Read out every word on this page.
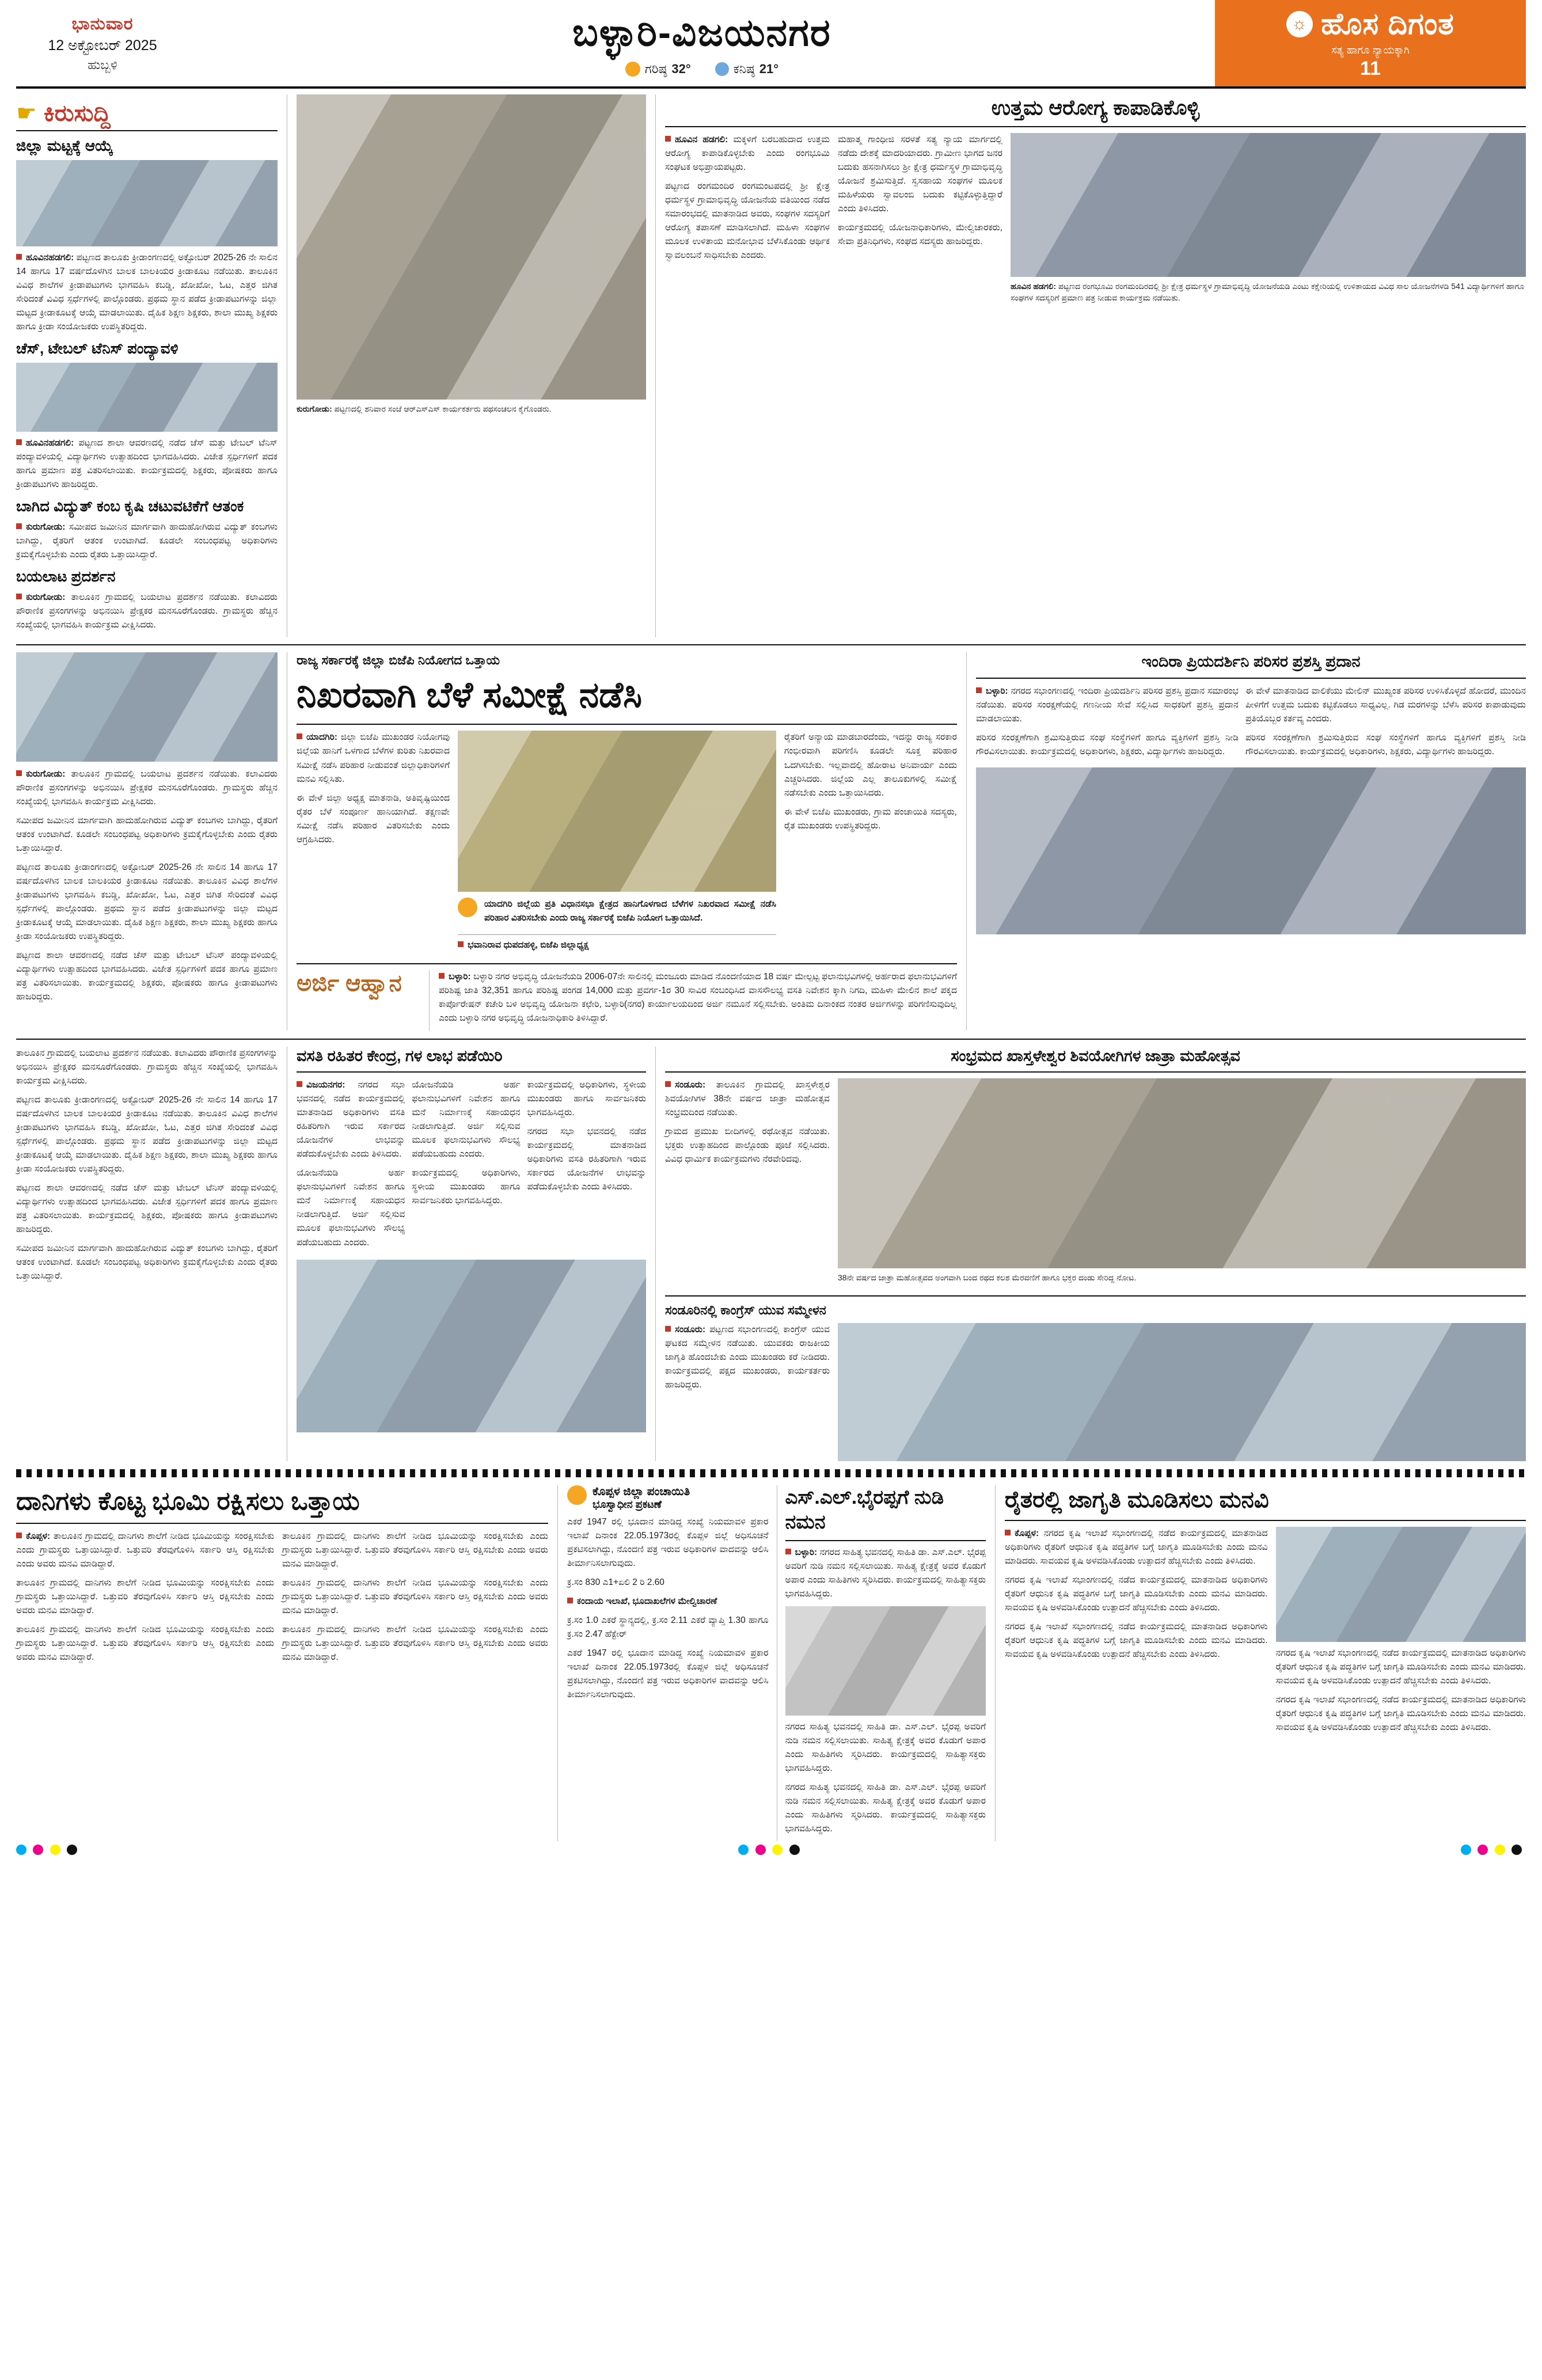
ಭಾನುವಾರ
12 ಅಕ್ಟೋಬರ್ 2025
ಹುಬ್ಬಳಿ
ಬಳ್ಳಾರಿ-ವಿಜಯನಗರ
ಗರಿಷ್ಠ 32°	ಕನಿಷ್ಠ 21°
☼ ಹೊಸ ದಿಗಂತ
ಸತ್ಯ ಹಾಗೂ ನ್ಯಾಯಕ್ಕಾಗಿ
11
☛ ಕಿರುಸುದ್ದಿ
ಜಿಲ್ಲಾ ಮಟ್ಟಕ್ಕೆ ಆಯ್ಕೆ

ಹೂವಿನಹಡಗಲಿ: ಪಟ್ಟಣದ ತಾಲೂಕು ಕ್ರೀಡಾಂಗಣದಲ್ಲಿ ಅಕ್ಟೋಬರ್ 2025-26 ನೇ ಸಾಲಿನ 14 ಹಾಗೂ 17 ವರ್ಷದೊಳಗಿನ ಬಾಲಕ ಬಾಲಕಿಯರ ಕ್ರೀಡಾಕೂಟ ನಡೆಯಿತು. ತಾಲೂಕಿನ ವಿವಿಧ ಶಾಲೆಗಳ ಕ್ರೀಡಾಪಟುಗಳು ಭಾಗವಹಿಸಿ ಕಬಡ್ಡಿ, ಖೋಖೋ, ಓಟ, ಎತ್ತರ ಜಿಗಿತ ಸೇರಿದಂತೆ ವಿವಿಧ ಸ್ಪರ್ಧೆಗಳಲ್ಲಿ ಪಾಲ್ಗೊಂಡರು. ಪ್ರಥಮ ಸ್ಥಾನ ಪಡೆದ ಕ್ರೀಡಾಪಟುಗಳನ್ನು ಜಿಲ್ಲಾ ಮಟ್ಟದ ಕ್ರೀಡಾಕೂಟಕ್ಕೆ ಆಯ್ಕೆ ಮಾಡಲಾಯಿತು. ದೈಹಿಕ ಶಿಕ್ಷಣ ಶಿಕ್ಷಕರು, ಶಾಲಾ ಮುಖ್ಯ ಶಿಕ್ಷಕರು ಹಾಗೂ ಕ್ರೀಡಾ ಸಂಯೋಜಕರು ಉಪಸ್ಥಿತರಿದ್ದರು.

ಚೆಸ್, ಟೇಬಲ್ ಟೆನಿಸ್ ಪಂದ್ಯಾವಳಿ

ಹೂವಿನಹಡಗಲಿ: ಪಟ್ಟಣದ ಶಾಲಾ ಆವರಣದಲ್ಲಿ ನಡೆದ ಚೆಸ್ ಮತ್ತು ಟೇಬಲ್ ಟೆನಿಸ್ ಪಂದ್ಯಾವಳಿಯಲ್ಲಿ ವಿದ್ಯಾರ್ಥಿಗಳು ಉತ್ಸಾಹದಿಂದ ಭಾಗವಹಿಸಿದರು. ವಿಜೇತ ಸ್ಪರ್ಧಿಗಳಿಗೆ ಪದಕ ಹಾಗೂ ಪ್ರಮಾಣ ಪತ್ರ ವಿತರಿಸಲಾಯಿತು. ಕಾರ್ಯಕ್ರಮದಲ್ಲಿ ಶಿಕ್ಷಕರು, ಪೋಷಕರು ಹಾಗೂ ಕ್ರೀಡಾಪಟುಗಳು ಹಾಜರಿದ್ದರು.

ಬಾಗಿದ ವಿದ್ಯುತ್ ಕಂಬ ಕೃಷಿ ಚಟುವಟಿಕೆಗೆ ಆತಂಕ

ಕುರುಗೋಡು: ಸಮೀಪದ ಜಮೀನಿನ ಮಾರ್ಗವಾಗಿ ಹಾದುಹೋಗಿರುವ ವಿದ್ಯುತ್ ಕಂಬಗಳು ಬಾಗಿದ್ದು, ರೈತರಿಗೆ ಆತಂಕ ಉಂಟಾಗಿದೆ. ಕೂಡಲೇ ಸಂಬಂಧಪಟ್ಟ ಅಧಿಕಾರಿಗಳು ಕ್ರಮಕೈಗೊಳ್ಳಬೇಕು ಎಂದು ರೈತರು ಒತ್ತಾಯಿಸಿದ್ದಾರೆ.

ಬಯಲಾಟ ಪ್ರದರ್ಶನ

ಕುರುಗೋಡು: ತಾಲೂಕಿನ ಗ್ರಾಮದಲ್ಲಿ ಬಯಲಾಟ ಪ್ರದರ್ಶನ ನಡೆಯಿತು. ಕಲಾವಿದರು ಪೌರಾಣಿಕ ಪ್ರಸಂಗಗಳನ್ನು ಅಭಿನಯಿಸಿ ಪ್ರೇಕ್ಷಕರ ಮನಸೂರೆಗೊಂಡರು. ಗ್ರಾಮಸ್ಥರು ಹೆಚ್ಚಿನ ಸಂಖ್ಯೆಯಲ್ಲಿ ಭಾಗವಹಿಸಿ ಕಾರ್ಯಕ್ರಮ ವೀಕ್ಷಿಸಿದರು.

ಕುರುಗೋಡು: ಪಟ್ಟಣದಲ್ಲಿ ಶನಿವಾರ ಸಂಜೆ ಆರ್‌ಎಸ್‌ಎಸ್ ಕಾರ್ಯಕರ್ತರು ಪಥಸಂಚಲನ ಕೈಗೊಂಡರು.

ಉತ್ತಮ ಆರೋಗ್ಯ ಕಾಪಾಡಿಕೊಳ್ಳಿ

ಹೂವಿನ ಹಡಗಲಿ: ಮಕ್ಕಳಿಗೆ ಬರಬಹುದಾದ ಉತ್ತಮ ಆರೋಗ್ಯ ಕಾಪಾಡಿಕೊಳ್ಳಬೇಕು ಎಂದು ರಂಗಭೂಮಿ ಸಂಘಟಕ ಅಭಿಪ್ರಾಯಪಟ್ಟರು.

ಪಟ್ಟಣದ ರಂಗಮಂದಿರ ರಂಗಮಂಟಪದಲ್ಲಿ ಶ್ರೀ ಕ್ಷೇತ್ರ ಧರ್ಮಸ್ಥಳ ಗ್ರಾಮಾಭಿವೃದ್ಧಿ ಯೋಜನೆಯ ವತಿಯಿಂದ ನಡೆದ ಸಮಾರಂಭದಲ್ಲಿ ಮಾತನಾಡಿದ ಅವರು, ಸಂಘಗಳ ಸದಸ್ಯರಿಗೆ ಆರೋಗ್ಯ ತಪಾಸಣೆ ಮಾಡಿಸಲಾಗಿದೆ. ಮಹಿಳಾ ಸಂಘಗಳ ಮೂಲಕ ಉಳಿತಾಯ ಮನೋಭಾವ ಬೆಳೆಸಿಕೊಂಡು ಆರ್ಥಿಕ ಸ್ವಾವಲಂಬನೆ ಸಾಧಿಸಬೇಕು ಎಂದರು.

ಮಹಾತ್ಮ ಗಾಂಧೀಜಿ ಸರಳತೆ ಸತ್ಯ ನ್ಯಾಯ ಮಾರ್ಗದಲ್ಲಿ ನಡೆದು ದೇಶಕ್ಕೆ ಮಾದರಿಯಾದರು. ಗ್ರಾಮೀಣ ಭಾಗದ ಜನರ ಬದುಕು ಹಸನಾಗಿಸಲು ಶ್ರೀ ಕ್ಷೇತ್ರ ಧರ್ಮಸ್ಥಳ ಗ್ರಾಮಾಭಿವೃದ್ಧಿ ಯೋಜನೆ ಶ್ರಮಿಸುತ್ತಿದೆ. ಸ್ವಸಹಾಯ ಸಂಘಗಳ ಮೂಲಕ ಮಹಿಳೆಯರು ಸ್ವಾವಲಂಬಿ ಬದುಕು ಕಟ್ಟಿಕೊಳ್ಳುತ್ತಿದ್ದಾರೆ ಎಂದು ತಿಳಿಸಿದರು.

ಕಾರ್ಯಕ್ರಮದಲ್ಲಿ ಯೋಜನಾಧಿಕಾರಿಗಳು, ಮೇಲ್ವಿಚಾರಕರು, ಸೇವಾ ಪ್ರತಿನಿಧಿಗಳು, ಸಂಘದ ಸದಸ್ಯರು ಹಾಜರಿದ್ದರು.

ಹೂವಿನ ಹಡಗಲಿ: ಪಟ್ಟಣದ ರಂಗಭೂಮಿ ರಂಗಮಂದಿರದಲ್ಲಿ ಶ್ರೀ ಕ್ಷೇತ್ರ ಧರ್ಮಸ್ಥಳ ಗ್ರಾಮಾಭಿವೃದ್ಧಿ ಯೋಜನೆಯಡಿ ಎಂಟು ಕಕ್ಷೇರಿಯಲ್ಲಿ ಉಳಿತಾಯದ ವಿವಿಧ ಸಾಲ ಯೋಜನೆಗಳಡಿ 541 ವಿದ್ಯಾರ್ಥಿಗಳಿಗೆ ಹಾಗೂ ಸಂಘಗಳ ಸದಸ್ಯರಿಗೆ ಪ್ರಮಾಣ ಪತ್ರ ನೀಡುವ ಕಾರ್ಯಕ್ರಮ ನಡೆಯಿತು.

ಕುರುಗೋಡು: ತಾಲೂಕಿನ ಗ್ರಾಮದಲ್ಲಿ ಬಯಲಾಟ ಪ್ರದರ್ಶನ ನಡೆಯಿತು. ಕಲಾವಿದರು ಪೌರಾಣಿಕ ಪ್ರಸಂಗಗಳನ್ನು ಅಭಿನಯಿಸಿ ಪ್ರೇಕ್ಷಕರ ಮನಸೂರೆಗೊಂಡರು. ಗ್ರಾಮಸ್ಥರು ಹೆಚ್ಚಿನ ಸಂಖ್ಯೆಯಲ್ಲಿ ಭಾಗವಹಿಸಿ ಕಾರ್ಯಕ್ರಮ ವೀಕ್ಷಿಸಿದರು.

ಸಮೀಪದ ಜಮೀನಿನ ಮಾರ್ಗವಾಗಿ ಹಾದುಹೋಗಿರುವ ವಿದ್ಯುತ್ ಕಂಬಗಳು ಬಾಗಿದ್ದು, ರೈತರಿಗೆ ಆತಂಕ ಉಂಟಾಗಿದೆ. ಕೂಡಲೇ ಸಂಬಂಧಪಟ್ಟ ಅಧಿಕಾರಿಗಳು ಕ್ರಮಕೈಗೊಳ್ಳಬೇಕು ಎಂದು ರೈತರು ಒತ್ತಾಯಿಸಿದ್ದಾರೆ.

ಪಟ್ಟಣದ ತಾಲೂಕು ಕ್ರೀಡಾಂಗಣದಲ್ಲಿ ಅಕ್ಟೋಬರ್ 2025-26 ನೇ ಸಾಲಿನ 14 ಹಾಗೂ 17 ವರ್ಷದೊಳಗಿನ ಬಾಲಕ ಬಾಲಕಿಯರ ಕ್ರೀಡಾಕೂಟ ನಡೆಯಿತು. ತಾಲೂಕಿನ ವಿವಿಧ ಶಾಲೆಗಳ ಕ್ರೀಡಾಪಟುಗಳು ಭಾಗವಹಿಸಿ ಕಬಡ್ಡಿ, ಖೋಖೋ, ಓಟ, ಎತ್ತರ ಜಿಗಿತ ಸೇರಿದಂತೆ ವಿವಿಧ ಸ್ಪರ್ಧೆಗಳಲ್ಲಿ ಪಾಲ್ಗೊಂಡರು. ಪ್ರಥಮ ಸ್ಥಾನ ಪಡೆದ ಕ್ರೀಡಾಪಟುಗಳನ್ನು ಜಿಲ್ಲಾ ಮಟ್ಟದ ಕ್ರೀಡಾಕೂಟಕ್ಕೆ ಆಯ್ಕೆ ಮಾಡಲಾಯಿತು. ದೈಹಿಕ ಶಿಕ್ಷಣ ಶಿಕ್ಷಕರು, ಶಾಲಾ ಮುಖ್ಯ ಶಿಕ್ಷಕರು ಹಾಗೂ ಕ್ರೀಡಾ ಸಂಯೋಜಕರು ಉಪಸ್ಥಿತರಿದ್ದರು.

ಪಟ್ಟಣದ ಶಾಲಾ ಆವರಣದಲ್ಲಿ ನಡೆದ ಚೆಸ್ ಮತ್ತು ಟೇಬಲ್ ಟೆನಿಸ್ ಪಂದ್ಯಾವಳಿಯಲ್ಲಿ ವಿದ್ಯಾರ್ಥಿಗಳು ಉತ್ಸಾಹದಿಂದ ಭಾಗವಹಿಸಿದರು. ವಿಜೇತ ಸ್ಪರ್ಧಿಗಳಿಗೆ ಪದಕ ಹಾಗೂ ಪ್ರಮಾಣ ಪತ್ರ ವಿತರಿಸಲಾಯಿತು. ಕಾರ್ಯಕ್ರಮದಲ್ಲಿ ಶಿಕ್ಷಕರು, ಪೋಷಕರು ಹಾಗೂ ಕ್ರೀಡಾಪಟುಗಳು ಹಾಜರಿದ್ದರು.

ರಾಜ್ಯ ಸರ್ಕಾರಕ್ಕೆ ಜಿಲ್ಲಾ ಬಿಜೆಪಿ ನಿಯೋಗದ ಒತ್ತಾಯ
ನಿಖರವಾಗಿ ಬೆಳೆ ಸಮೀಕ್ಷೆ ನಡೆಸಿ

ಯಾದಗಿರಿ: ಜಿಲ್ಲಾ ಬಿಜೆಪಿ ಮುಖಂಡರ ನಿಯೋಗವು ಜಿಲ್ಲೆಯ ಹಾನಿಗೆ ಒಳಗಾದ ಬೆಳೆಗಳ ಕುರಿತು ನಿಖರವಾದ ಸಮೀಕ್ಷೆ ನಡೆಸಿ ಪರಿಹಾರ ನೀಡುವಂತೆ ಜಿಲ್ಲಾಧಿಕಾರಿಗಳಿಗೆ ಮನವಿ ಸಲ್ಲಿಸಿತು.

ಈ ವೇಳೆ ಜಿಲ್ಲಾ ಅಧ್ಯಕ್ಷ ಮಾತನಾಡಿ, ಅತಿವೃಷ್ಟಿಯಿಂದ ರೈತರ ಬೆಳೆ ಸಂಪೂರ್ಣ ಹಾನಿಯಾಗಿದೆ. ತಕ್ಷಣವೇ ಸಮೀಕ್ಷೆ ನಡೆಸಿ ಪರಿಹಾರ ವಿತರಿಸಬೇಕು ಎಂದು ಆಗ್ರಹಿಸಿದರು.

ಯಾದಗಿರಿ ಜಿಲ್ಲೆಯ ಪ್ರತಿ ವಿಧಾನಸಭಾ ಕ್ಷೇತ್ರದ ಹಾನಿಗೊಳಗಾದ ಬೆಳೆಗಳ ನಿಖರವಾದ ಸಮೀಕ್ಷೆ ನಡೆಸಿ ಪರಿಹಾರ ವಿತರಿಸಬೇಕು ಎಂದು ರಾಜ್ಯ ಸರ್ಕಾರಕ್ಕೆ ಬಿಜೆಪಿ ನಿಯೋಗ ಒತ್ತಾಯಿಸಿದೆ.

ಭವಾನಿರಾವ ಧುಪದಹಳ್ಳಿ, ಬಿಜೆಪಿ ಜಿಲ್ಲಾಧ್ಯಕ್ಷ

ರೈತರಿಗೆ ಅನ್ಯಾಯ ಮಾಡಬಾರದೆಂದು, ಇದನ್ನು ರಾಜ್ಯ ಸರಕಾರ ಗಂಭೀರವಾಗಿ ಪರಿಗಣಿಸಿ ಕೂಡಲೇ ಸೂಕ್ತ ಪರಿಹಾರ ಒದಗಿಸಬೇಕು. ಇಲ್ಲವಾದಲ್ಲಿ ಹೋರಾಟ ಅನಿವಾರ್ಯ ಎಂದು ಎಚ್ಚರಿಸಿದರು. ಜಿಲ್ಲೆಯ ಎಲ್ಲ ತಾಲೂಕುಗಳಲ್ಲಿ ಸಮೀಕ್ಷೆ ನಡೆಸಬೇಕು ಎಂದು ಒತ್ತಾಯಿಸಿದರು.

ಈ ವೇಳೆ ಬಿಜೆಪಿ ಮುಖಂಡರು, ಗ್ರಾಮ ಪಂಚಾಯಿತಿ ಸದಸ್ಯರು, ರೈತ ಮುಖಂಡರು ಉಪಸ್ಥಿತರಿದ್ದರು.

ಅರ್ಜಿ ಆಹ್ವಾನ	ಬಳ್ಳಾರಿ: ಬಳ್ಳಾರಿ ನಗರ ಅಭಿವೃದ್ಧಿ ಯೋಜನೆಯಡಿ 2006-07ನೇ ಸಾಲಿನಲ್ಲಿ ಮಂಜೂರು ಮಾಡಿದ ನೊಂದಣಿಯಾದ 18 ವರ್ಷ ಮೇಲ್ಪಟ್ಟ ಫಲಾನುಭವಿಗಳಲ್ಲಿ ಅರ್ಹರಾದ ಫಲಾನುಭವಿಗಳಿಗೆ ಪರಿಶಿಷ್ಟ ಜಾತಿ 32,351 ಹಾಗೂ ಪರಿಶಿಷ್ಟ ಪಂಗಡ 14,000 ಮತ್ತು ಪ್ರವರ್ಗ-1ರ 30 ಸಾವಿರ ಸಂಬಂಧಿಸಿದ ವಾಸಸೌಲಭ್ಯ ವಸತಿ ನಿವೇಶನ ಕ್ಕಾಗಿ ನಿಗದಿ, ಮಹಿಳಾ ಮೇಲಿನ ಶಾಲೆ ಪಕ್ಕದ ಕಾರ್ಪೊರೇಷನ್ ಕಚೇರಿ ಬಳಿ ಅಭಿವೃದ್ಧಿ ಯೋಜನಾ ಕಛೇರಿ, ಬಳ್ಳಾರಿ(ನಗರ) ಕಾರ್ಯಾಲಯದಿಂದ ಅರ್ಜಿ ನಮೂನೆ ಸಲ್ಲಿಸಬೇಕು. ಅಂತಿಮ ದಿನಾಂಕದ ನಂತರ ಅರ್ಜಿಗಳನ್ನು ಪರಿಗಣಿಸುವುದಿಲ್ಲ ಎಂದು ಬಳ್ಳಾರಿ ನಗರ ಅಭಿವೃದ್ಧಿ ಯೋಜನಾಧಿಕಾರಿ ತಿಳಿಸಿದ್ದಾರೆ.

ಇಂದಿರಾ ಪ್ರಿಯದರ್ಶಿನಿ ಪರಿಸರ ಪ್ರಶಸ್ತಿ ಪ್ರದಾನ

ಬಳ್ಳಾರಿ: ನಗರದ ಸಭಾಂಗಣದಲ್ಲಿ ಇಂದಿರಾ ಪ್ರಿಯದರ್ಶಿನಿ ಪರಿಸರ ಪ್ರಶಸ್ತಿ ಪ್ರದಾನ ಸಮಾರಂಭ ನಡೆಯಿತು. ಪರಿಸರ ಸಂರಕ್ಷಣೆಯಲ್ಲಿ ಗಣನೀಯ ಸೇವೆ ಸಲ್ಲಿಸಿದ ಸಾಧಕರಿಗೆ ಪ್ರಶಸ್ತಿ ಪ್ರದಾನ ಮಾಡಲಾಯಿತು.

ಪರಿಸರ ಸಂರಕ್ಷಣೆಗಾಗಿ ಶ್ರಮಿಸುತ್ತಿರುವ ಸಂಘ ಸಂಸ್ಥೆಗಳಿಗೆ ಹಾಗೂ ವ್ಯಕ್ತಿಗಳಿಗೆ ಪ್ರಶಸ್ತಿ ನೀಡಿ ಗೌರವಿಸಲಾಯಿತು. ಕಾರ್ಯಕ್ರಮದಲ್ಲಿ ಅಧಿಕಾರಿಗಳು, ಶಿಕ್ಷಕರು, ವಿದ್ಯಾರ್ಥಿಗಳು ಹಾಜರಿದ್ದರು.

ಈ ವೇಳೆ ಮಾತನಾಡಿದ ವಾಲಿಕೆಯು ಮೇಲಿನ್ ಮುಖ್ಯಂತ ಪರಿಸರ ಉಳಿಸಿಕೊಳ್ಳದೆ ಹೋದರೆ, ಮುಂದಿನ ಪೀಳಿಗೆಗೆ ಉತ್ತಮ ಬದುಕು ಕಟ್ಟಿಕೊಡಲು ಸಾಧ್ಯವಿಲ್ಲ. ಗಿಡ ಮರಗಳನ್ನು ಬೆಳೆಸಿ ಪರಿಸರ ಕಾಪಾಡುವುದು ಪ್ರತಿಯೊಬ್ಬರ ಕರ್ತವ್ಯ ಎಂದರು.

ಪರಿಸರ ಸಂರಕ್ಷಣೆಗಾಗಿ ಶ್ರಮಿಸುತ್ತಿರುವ ಸಂಘ ಸಂಸ್ಥೆಗಳಿಗೆ ಹಾಗೂ ವ್ಯಕ್ತಿಗಳಿಗೆ ಪ್ರಶಸ್ತಿ ನೀಡಿ ಗೌರವಿಸಲಾಯಿತು. ಕಾರ್ಯಕ್ರಮದಲ್ಲಿ ಅಧಿಕಾರಿಗಳು, ಶಿಕ್ಷಕರು, ವಿದ್ಯಾರ್ಥಿಗಳು ಹಾಜರಿದ್ದರು.

ತಾಲೂಕಿನ ಗ್ರಾಮದಲ್ಲಿ ಬಯಲಾಟ ಪ್ರದರ್ಶನ ನಡೆಯಿತು. ಕಲಾವಿದರು ಪೌರಾಣಿಕ ಪ್ರಸಂಗಗಳನ್ನು ಅಭಿನಯಿಸಿ ಪ್ರೇಕ್ಷಕರ ಮನಸೂರೆಗೊಂಡರು. ಗ್ರಾಮಸ್ಥರು ಹೆಚ್ಚಿನ ಸಂಖ್ಯೆಯಲ್ಲಿ ಭಾಗವಹಿಸಿ ಕಾರ್ಯಕ್ರಮ ವೀಕ್ಷಿಸಿದರು.

ಪಟ್ಟಣದ ತಾಲೂಕು ಕ್ರೀಡಾಂಗಣದಲ್ಲಿ ಅಕ್ಟೋಬರ್ 2025-26 ನೇ ಸಾಲಿನ 14 ಹಾಗೂ 17 ವರ್ಷದೊಳಗಿನ ಬಾಲಕ ಬಾಲಕಿಯರ ಕ್ರೀಡಾಕೂಟ ನಡೆಯಿತು. ತಾಲೂಕಿನ ವಿವಿಧ ಶಾಲೆಗಳ ಕ್ರೀಡಾಪಟುಗಳು ಭಾಗವಹಿಸಿ ಕಬಡ್ಡಿ, ಖೋಖೋ, ಓಟ, ಎತ್ತರ ಜಿಗಿತ ಸೇರಿದಂತೆ ವಿವಿಧ ಸ್ಪರ್ಧೆಗಳಲ್ಲಿ ಪಾಲ್ಗೊಂಡರು. ಪ್ರಥಮ ಸ್ಥಾನ ಪಡೆದ ಕ್ರೀಡಾಪಟುಗಳನ್ನು ಜಿಲ್ಲಾ ಮಟ್ಟದ ಕ್ರೀಡಾಕೂಟಕ್ಕೆ ಆಯ್ಕೆ ಮಾಡಲಾಯಿತು. ದೈಹಿಕ ಶಿಕ್ಷಣ ಶಿಕ್ಷಕರು, ಶಾಲಾ ಮುಖ್ಯ ಶಿಕ್ಷಕರು ಹಾಗೂ ಕ್ರೀಡಾ ಸಂಯೋಜಕರು ಉಪಸ್ಥಿತರಿದ್ದರು.

ಪಟ್ಟಣದ ಶಾಲಾ ಆವರಣದಲ್ಲಿ ನಡೆದ ಚೆಸ್ ಮತ್ತು ಟೇಬಲ್ ಟೆನಿಸ್ ಪಂದ್ಯಾವಳಿಯಲ್ಲಿ ವಿದ್ಯಾರ್ಥಿಗಳು ಉತ್ಸಾಹದಿಂದ ಭಾಗವಹಿಸಿದರು. ವಿಜೇತ ಸ್ಪರ್ಧಿಗಳಿಗೆ ಪದಕ ಹಾಗೂ ಪ್ರಮಾಣ ಪತ್ರ ವಿತರಿಸಲಾಯಿತು. ಕಾರ್ಯಕ್ರಮದಲ್ಲಿ ಶಿಕ್ಷಕರು, ಪೋಷಕರು ಹಾಗೂ ಕ್ರೀಡಾಪಟುಗಳು ಹಾಜರಿದ್ದರು.

ಸಮೀಪದ ಜಮೀನಿನ ಮಾರ್ಗವಾಗಿ ಹಾದುಹೋಗಿರುವ ವಿದ್ಯುತ್ ಕಂಬಗಳು ಬಾಗಿದ್ದು, ರೈತರಿಗೆ ಆತಂಕ ಉಂಟಾಗಿದೆ. ಕೂಡಲೇ ಸಂಬಂಧಪಟ್ಟ ಅಧಿಕಾರಿಗಳು ಕ್ರಮಕೈಗೊಳ್ಳಬೇಕು ಎಂದು ರೈತರು ಒತ್ತಾಯಿಸಿದ್ದಾರೆ.

ವಸತಿ ರಹಿತರ ಕೇಂದ್ರ, ಗಳ ಲಾಭ ಪಡೆಯಿರಿ

ವಿಜಯನಗರ: ನಗರದ ಸಭಾ ಭವನದಲ್ಲಿ ನಡೆದ ಕಾರ್ಯಕ್ರಮದಲ್ಲಿ ಮಾತನಾಡಿದ ಅಧಿಕಾರಿಗಳು ವಸತಿ ರಹಿತರಿಗಾಗಿ ಇರುವ ಸರ್ಕಾರದ ಯೋಜನೆಗಳ ಲಾಭವನ್ನು ಪಡೆದುಕೊಳ್ಳಬೇಕು ಎಂದು ತಿಳಿಸಿದರು.

ಯೋಜನೆಯಡಿ ಅರ್ಹ ಫಲಾನುಭವಿಗಳಿಗೆ ನಿವೇಶನ ಹಾಗೂ ಮನೆ ನಿರ್ಮಾಣಕ್ಕೆ ಸಹಾಯಧನ ನೀಡಲಾಗುತ್ತಿದೆ. ಅರ್ಜಿ ಸಲ್ಲಿಸುವ ಮೂಲಕ ಫಲಾನುಭವಿಗಳು ಸೌಲಭ್ಯ ಪಡೆಯಬಹುದು ಎಂದರು.

ಯೋಜನೆಯಡಿ ಅರ್ಹ ಫಲಾನುಭವಿಗಳಿಗೆ ನಿವೇಶನ ಹಾಗೂ ಮನೆ ನಿರ್ಮಾಣಕ್ಕೆ ಸಹಾಯಧನ ನೀಡಲಾಗುತ್ತಿದೆ. ಅರ್ಜಿ ಸಲ್ಲಿಸುವ ಮೂಲಕ ಫಲಾನುಭವಿಗಳು ಸೌಲಭ್ಯ ಪಡೆಯಬಹುದು ಎಂದರು.

ಕಾರ್ಯಕ್ರಮದಲ್ಲಿ ಅಧಿಕಾರಿಗಳು, ಸ್ಥಳೀಯ ಮುಖಂಡರು ಹಾಗೂ ಸಾರ್ವಜನಿಕರು ಭಾಗವಹಿಸಿದ್ದರು.

ಕಾರ್ಯಕ್ರಮದಲ್ಲಿ ಅಧಿಕಾರಿಗಳು, ಸ್ಥಳೀಯ ಮುಖಂಡರು ಹಾಗೂ ಸಾರ್ವಜನಿಕರು ಭಾಗವಹಿಸಿದ್ದರು.

ನಗರದ ಸಭಾ ಭವನದಲ್ಲಿ ನಡೆದ ಕಾರ್ಯಕ್ರಮದಲ್ಲಿ ಮಾತನಾಡಿದ ಅಧಿಕಾರಿಗಳು ವಸತಿ ರಹಿತರಿಗಾಗಿ ಇರುವ ಸರ್ಕಾರದ ಯೋಜನೆಗಳ ಲಾಭವನ್ನು ಪಡೆದುಕೊಳ್ಳಬೇಕು ಎಂದು ತಿಳಿಸಿದರು.

ಸಂಭ್ರಮದ ಖಾಸ್ತಳೇಶ್ವರ ಶಿವಯೋಗಿಗಳ ಜಾತ್ರಾ ಮಹೋತ್ಸವ

ಸಂಡೂರು: ತಾಲೂಕಿನ ಗ್ರಾಮದಲ್ಲಿ ಖಾಸ್ತಳೇಶ್ವರ ಶಿವಯೋಗಿಗಳ 38ನೇ ವರ್ಷದ ಜಾತ್ರಾ ಮಹೋತ್ಸವ ಸಂಭ್ರಮದಿಂದ ನಡೆಯಿತು.

ಗ್ರಾಮದ ಪ್ರಮುಖ ಬೀದಿಗಳಲ್ಲಿ ರಥೋತ್ಸವ ನಡೆಯಿತು. ಭಕ್ತರು ಉತ್ಸಾಹದಿಂದ ಪಾಲ್ಗೊಂಡು ಪೂಜೆ ಸಲ್ಲಿಸಿದರು. ವಿವಿಧ ಧಾರ್ಮಿಕ ಕಾರ್ಯಕ್ರಮಗಳು ನೆರವೇರಿದವು.

38ನೇ ವರ್ಷದ ಜಾತ್ರಾ ಮಹೋತ್ಸವದ ಅಂಗವಾಗಿ ಬಂದ ರಥದ ಕಲಶ ಮೆರವಣಿಗೆ ಹಾಗೂ ಭಕ್ತರ ದಂಡು ಸೇರಿದ್ದ ನೋಟ.

ಸಂಡೂರಿನಲ್ಲಿ ಕಾಂಗ್ರೆಸ್ ಯುವ ಸಮ್ಮೇಳನ

ಸಂಡೂರು: ಪಟ್ಟಣದ ಸಭಾಂಗಣದಲ್ಲಿ ಕಾಂಗ್ರೆಸ್ ಯುವ ಘಟಕದ ಸಮ್ಮೇಳನ ನಡೆಯಿತು. ಯುವಕರು ರಾಜಕೀಯ ಜಾಗೃತಿ ಹೊಂದಬೇಕು ಎಂದು ಮುಖಂಡರು ಕರೆ ನೀಡಿದರು. ಕಾರ್ಯಕ್ರಮದಲ್ಲಿ ಪಕ್ಷದ ಮುಖಂಡರು, ಕಾರ್ಯಕರ್ತರು ಹಾಜರಿದ್ದರು.

ದಾನಿಗಳು ಕೊಟ್ಟ ಭೂಮಿ ರಕ್ಷಿಸಲು ಒತ್ತಾಯ

ಕೊಪ್ಪಳ: ತಾಲೂಕಿನ ಗ್ರಾಮದಲ್ಲಿ ದಾನಿಗಳು ಶಾಲೆಗೆ ನೀಡಿದ ಭೂಮಿಯನ್ನು ಸಂರಕ್ಷಿಸಬೇಕು ಎಂದು ಗ್ರಾಮಸ್ಥರು ಒತ್ತಾಯಿಸಿದ್ದಾರೆ. ಒತ್ತುವರಿ ತೆರವುಗೊಳಿಸಿ ಸರ್ಕಾರಿ ಆಸ್ತಿ ರಕ್ಷಿಸಬೇಕು ಎಂದು ಅವರು ಮನವಿ ಮಾಡಿದ್ದಾರೆ.

ತಾಲೂಕಿನ ಗ್ರಾಮದಲ್ಲಿ ದಾನಿಗಳು ಶಾಲೆಗೆ ನೀಡಿದ ಭೂಮಿಯನ್ನು ಸಂರಕ್ಷಿಸಬೇಕು ಎಂದು ಗ್ರಾಮಸ್ಥರು ಒತ್ತಾಯಿಸಿದ್ದಾರೆ. ಒತ್ತುವರಿ ತೆರವುಗೊಳಿಸಿ ಸರ್ಕಾರಿ ಆಸ್ತಿ ರಕ್ಷಿಸಬೇಕು ಎಂದು ಅವರು ಮನವಿ ಮಾಡಿದ್ದಾರೆ.

ತಾಲೂಕಿನ ಗ್ರಾಮದಲ್ಲಿ ದಾನಿಗಳು ಶಾಲೆಗೆ ನೀಡಿದ ಭೂಮಿಯನ್ನು ಸಂರಕ್ಷಿಸಬೇಕು ಎಂದು ಗ್ರಾಮಸ್ಥರು ಒತ್ತಾಯಿಸಿದ್ದಾರೆ. ಒತ್ತುವರಿ ತೆರವುಗೊಳಿಸಿ ಸರ್ಕಾರಿ ಆಸ್ತಿ ರಕ್ಷಿಸಬೇಕು ಎಂದು ಅವರು ಮನವಿ ಮಾಡಿದ್ದಾರೆ.

ತಾಲೂಕಿನ ಗ್ರಾಮದಲ್ಲಿ ದಾನಿಗಳು ಶಾಲೆಗೆ ನೀಡಿದ ಭೂಮಿಯನ್ನು ಸಂರಕ್ಷಿಸಬೇಕು ಎಂದು ಗ್ರಾಮಸ್ಥರು ಒತ್ತಾಯಿಸಿದ್ದಾರೆ. ಒತ್ತುವರಿ ತೆರವುಗೊಳಿಸಿ ಸರ್ಕಾರಿ ಆಸ್ತಿ ರಕ್ಷಿಸಬೇಕು ಎಂದು ಅವರು ಮನವಿ ಮಾಡಿದ್ದಾರೆ.

ತಾಲೂಕಿನ ಗ್ರಾಮದಲ್ಲಿ ದಾನಿಗಳು ಶಾಲೆಗೆ ನೀಡಿದ ಭೂಮಿಯನ್ನು ಸಂರಕ್ಷಿಸಬೇಕು ಎಂದು ಗ್ರಾಮಸ್ಥರು ಒತ್ತಾಯಿಸಿದ್ದಾರೆ. ಒತ್ತುವರಿ ತೆರವುಗೊಳಿಸಿ ಸರ್ಕಾರಿ ಆಸ್ತಿ ರಕ್ಷಿಸಬೇಕು ಎಂದು ಅವರು ಮನವಿ ಮಾಡಿದ್ದಾರೆ.

ತಾಲೂಕಿನ ಗ್ರಾಮದಲ್ಲಿ ದಾನಿಗಳು ಶಾಲೆಗೆ ನೀಡಿದ ಭೂಮಿಯನ್ನು ಸಂರಕ್ಷಿಸಬೇಕು ಎಂದು ಗ್ರಾಮಸ್ಥರು ಒತ್ತಾಯಿಸಿದ್ದಾರೆ. ಒತ್ತುವರಿ ತೆರವುಗೊಳಿಸಿ ಸರ್ಕಾರಿ ಆಸ್ತಿ ರಕ್ಷಿಸಬೇಕು ಎಂದು ಅವರು ಮನವಿ ಮಾಡಿದ್ದಾರೆ.

ಕೊಪ್ಪಳ ಜಿಲ್ಲಾ ಪಂಚಾಯಿತಿ
ಭೂಸ್ವಾಧೀನ ಪ್ರಕಟಣೆ

ಎಕರೆ 1947 ರಲ್ಲಿ ಭೂದಾನ ಮಾಡಿದ್ದ ಸಂಖ್ಯೆ ನಿಯಮಾವಳಿ ಪ್ರಕಾರ ಇಲಾಖೆ ದಿನಾಂಕ 22.05.1973ರಲ್ಲಿ ಕೊಪ್ಪಳ ಜಿಲ್ಲೆ ಅಧಿಸೂಚನೆ ಪ್ರಕಟಿಸಲಾಗಿದ್ದು, ನೊಂದಣಿ ಪತ್ರ ಇರುವ ಅಧಿಕಾರಿಗಳ ವಾದವನ್ನು ಆಲಿಸಿ ತೀರ್ಮಾನಿಸಲಾಗುವುದು.

ಕ್ರ.ಸಂ 830 ಎ1+ಏಲಿ 2 ರಿ 2.60

ಕಂದಾಯ ಇಲಾಖೆ, ಭೂದಾಖಲೆಗಳ ಮೇಲ್ವಿಚಾರಣೆ

ಕ್ರ.ಸಂ 1.0 ಎಕರೆ ಸ್ಥಾನ್ಯದಲ್ಲಿ, ಕ್ರ.ಸಂ 2.11 ಎಕರೆ ವ್ಯಾಪ್ತಿ 1.30 ಹಾಗೂ ಕ್ರ.ಸಂ 2.47 ಹೆಕ್ಟೇರ್

ಎಕರೆ 1947 ರಲ್ಲಿ ಭೂದಾನ ಮಾಡಿದ್ದ ಸಂಖ್ಯೆ ನಿಯಮಾವಳಿ ಪ್ರಕಾರ ಇಲಾಖೆ ದಿನಾಂಕ 22.05.1973ರಲ್ಲಿ ಕೊಪ್ಪಳ ಜಿಲ್ಲೆ ಅಧಿಸೂಚನೆ ಪ್ರಕಟಿಸಲಾಗಿದ್ದು, ನೊಂದಣಿ ಪತ್ರ ಇರುವ ಅಧಿಕಾರಿಗಳ ವಾದವನ್ನು ಆಲಿಸಿ ತೀರ್ಮಾನಿಸಲಾಗುವುದು.

ಎಸ್.ಎಲ್.ಭೈರಪ್ಪಗೆ ನುಡಿ ನಮನ

ಬಳ್ಳಾರಿ: ನಗರದ ಸಾಹಿತ್ಯ ಭವನದಲ್ಲಿ ಸಾಹಿತಿ ಡಾ. ಎಸ್.ಎಲ್. ಭೈರಪ್ಪ ಅವರಿಗೆ ನುಡಿ ನಮನ ಸಲ್ಲಿಸಲಾಯಿತು. ಸಾಹಿತ್ಯ ಕ್ಷೇತ್ರಕ್ಕೆ ಅವರ ಕೊಡುಗೆ ಅಪಾರ ಎಂದು ಸಾಹಿತಿಗಳು ಸ್ಮರಿಸಿದರು. ಕಾರ್ಯಕ್ರಮದಲ್ಲಿ ಸಾಹಿತ್ಯಾಸಕ್ತರು ಭಾಗವಹಿಸಿದ್ದರು.

ನಗರದ ಸಾಹಿತ್ಯ ಭವನದಲ್ಲಿ ಸಾಹಿತಿ ಡಾ. ಎಸ್.ಎಲ್. ಭೈರಪ್ಪ ಅವರಿಗೆ ನುಡಿ ನಮನ ಸಲ್ಲಿಸಲಾಯಿತು. ಸಾಹಿತ್ಯ ಕ್ಷೇತ್ರಕ್ಕೆ ಅವರ ಕೊಡುಗೆ ಅಪಾರ ಎಂದು ಸಾಹಿತಿಗಳು ಸ್ಮರಿಸಿದರು. ಕಾರ್ಯಕ್ರಮದಲ್ಲಿ ಸಾಹಿತ್ಯಾಸಕ್ತರು ಭಾಗವಹಿಸಿದ್ದರು.

ನಗರದ ಸಾಹಿತ್ಯ ಭವನದಲ್ಲಿ ಸಾಹಿತಿ ಡಾ. ಎಸ್.ಎಲ್. ಭೈರಪ್ಪ ಅವರಿಗೆ ನುಡಿ ನಮನ ಸಲ್ಲಿಸಲಾಯಿತು. ಸಾಹಿತ್ಯ ಕ್ಷೇತ್ರಕ್ಕೆ ಅವರ ಕೊಡುಗೆ ಅಪಾರ ಎಂದು ಸಾಹಿತಿಗಳು ಸ್ಮರಿಸಿದರು. ಕಾರ್ಯಕ್ರಮದಲ್ಲಿ ಸಾಹಿತ್ಯಾಸಕ್ತರು ಭಾಗವಹಿಸಿದ್ದರು.

ರೈತರಲ್ಲಿ ಜಾಗೃತಿ ಮೂಡಿಸಲು ಮನವಿ

ಕೊಪ್ಪಳ: ನಗರದ ಕೃಷಿ ಇಲಾಖೆ ಸಭಾಂಗಣದಲ್ಲಿ ನಡೆದ ಕಾರ್ಯಕ್ರಮದಲ್ಲಿ ಮಾತನಾಡಿದ ಅಧಿಕಾರಿಗಳು ರೈತರಿಗೆ ಆಧುನಿಕ ಕೃಷಿ ಪದ್ಧತಿಗಳ ಬಗ್ಗೆ ಜಾಗೃತಿ ಮೂಡಿಸಬೇಕು ಎಂದು ಮನವಿ ಮಾಡಿದರು. ಸಾವಯವ ಕೃಷಿ ಅಳವಡಿಸಿಕೊಂಡು ಉತ್ಪಾದನೆ ಹೆಚ್ಚಿಸಬೇಕು ಎಂದು ತಿಳಿಸಿದರು.

ನಗರದ ಕೃಷಿ ಇಲಾಖೆ ಸಭಾಂಗಣದಲ್ಲಿ ನಡೆದ ಕಾರ್ಯಕ್ರಮದಲ್ಲಿ ಮಾತನಾಡಿದ ಅಧಿಕಾರಿಗಳು ರೈತರಿಗೆ ಆಧುನಿಕ ಕೃಷಿ ಪದ್ಧತಿಗಳ ಬಗ್ಗೆ ಜಾಗೃತಿ ಮೂಡಿಸಬೇಕು ಎಂದು ಮನವಿ ಮಾಡಿದರು. ಸಾವಯವ ಕೃಷಿ ಅಳವಡಿಸಿಕೊಂಡು ಉತ್ಪಾದನೆ ಹೆಚ್ಚಿಸಬೇಕು ಎಂದು ತಿಳಿಸಿದರು.

ನಗರದ ಕೃಷಿ ಇಲಾಖೆ ಸಭಾಂಗಣದಲ್ಲಿ ನಡೆದ ಕಾರ್ಯಕ್ರಮದಲ್ಲಿ ಮಾತನಾಡಿದ ಅಧಿಕಾರಿಗಳು ರೈತರಿಗೆ ಆಧುನಿಕ ಕೃಷಿ ಪದ್ಧತಿಗಳ ಬಗ್ಗೆ ಜಾಗೃತಿ ಮೂಡಿಸಬೇಕು ಎಂದು ಮನವಿ ಮಾಡಿದರು. ಸಾವಯವ ಕೃಷಿ ಅಳವಡಿಸಿಕೊಂಡು ಉತ್ಪಾದನೆ ಹೆಚ್ಚಿಸಬೇಕು ಎಂದು ತಿಳಿಸಿದರು.	ನಗರದ ಕೃಷಿ ಇಲಾಖೆ ಸಭಾಂಗಣದಲ್ಲಿ ನಡೆದ ಕಾರ್ಯಕ್ರಮದಲ್ಲಿ ಮಾತನಾಡಿದ ಅಧಿಕಾರಿಗಳು ರೈತರಿಗೆ ಆಧುನಿಕ ಕೃಷಿ ಪದ್ಧತಿಗಳ ಬಗ್ಗೆ ಜಾಗೃತಿ ಮೂಡಿಸಬೇಕು ಎಂದು ಮನವಿ ಮಾಡಿದರು. ಸಾವಯವ ಕೃಷಿ ಅಳವಡಿಸಿಕೊಂಡು ಉತ್ಪಾದನೆ ಹೆಚ್ಚಿಸಬೇಕು ಎಂದು ತಿಳಿಸಿದರು.

ನಗರದ ಕೃಷಿ ಇಲಾಖೆ ಸಭಾಂಗಣದಲ್ಲಿ ನಡೆದ ಕಾರ್ಯಕ್ರಮದಲ್ಲಿ ಮಾತನಾಡಿದ ಅಧಿಕಾರಿಗಳು ರೈತರಿಗೆ ಆಧುನಿಕ ಕೃಷಿ ಪದ್ಧತಿಗಳ ಬಗ್ಗೆ ಜಾಗೃತಿ ಮೂಡಿಸಬೇಕು ಎಂದು ಮನವಿ ಮಾಡಿದರು. ಸಾವಯವ ಕೃಷಿ ಅಳವಡಿಸಿಕೊಂಡು ಉತ್ಪಾದನೆ ಹೆಚ್ಚಿಸಬೇಕು ಎಂದು ತಿಳಿಸಿದರು.
